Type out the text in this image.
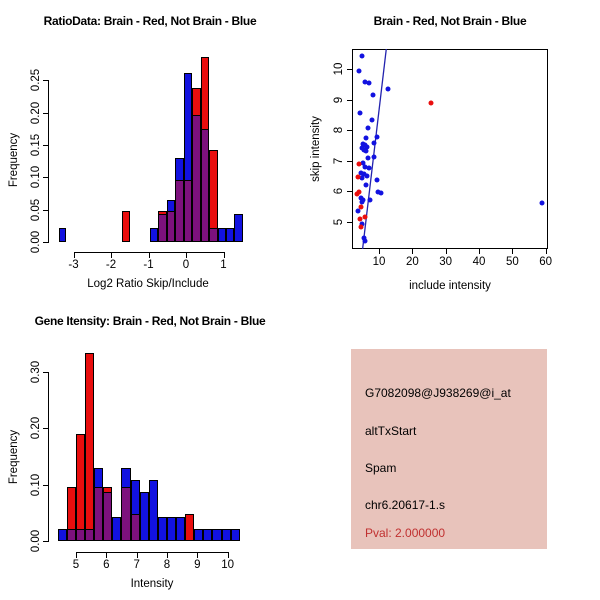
RatioData: Brain - Red, Not Brain - Blue
Frequency
Log2 Ratio Skip/Include
0.00
0.05
0.10
0.15
0.20
0.25
-3 -2 -1	0	1
Brain - Red, Not Brain - Blue
skip intensity
include intensity
10 20 30 40 50 60
5
6
7
8
9
10
Gene Itensity: Brain - Red, Not Brain - Blue
Frequency
Intensity
0.00
0.10
0.20
0.30
5 6 7 8 9 10
G7082098@J938269@i_at
altTxStart
Spam
chr6.20617-1.s
Pval: 2.000000
